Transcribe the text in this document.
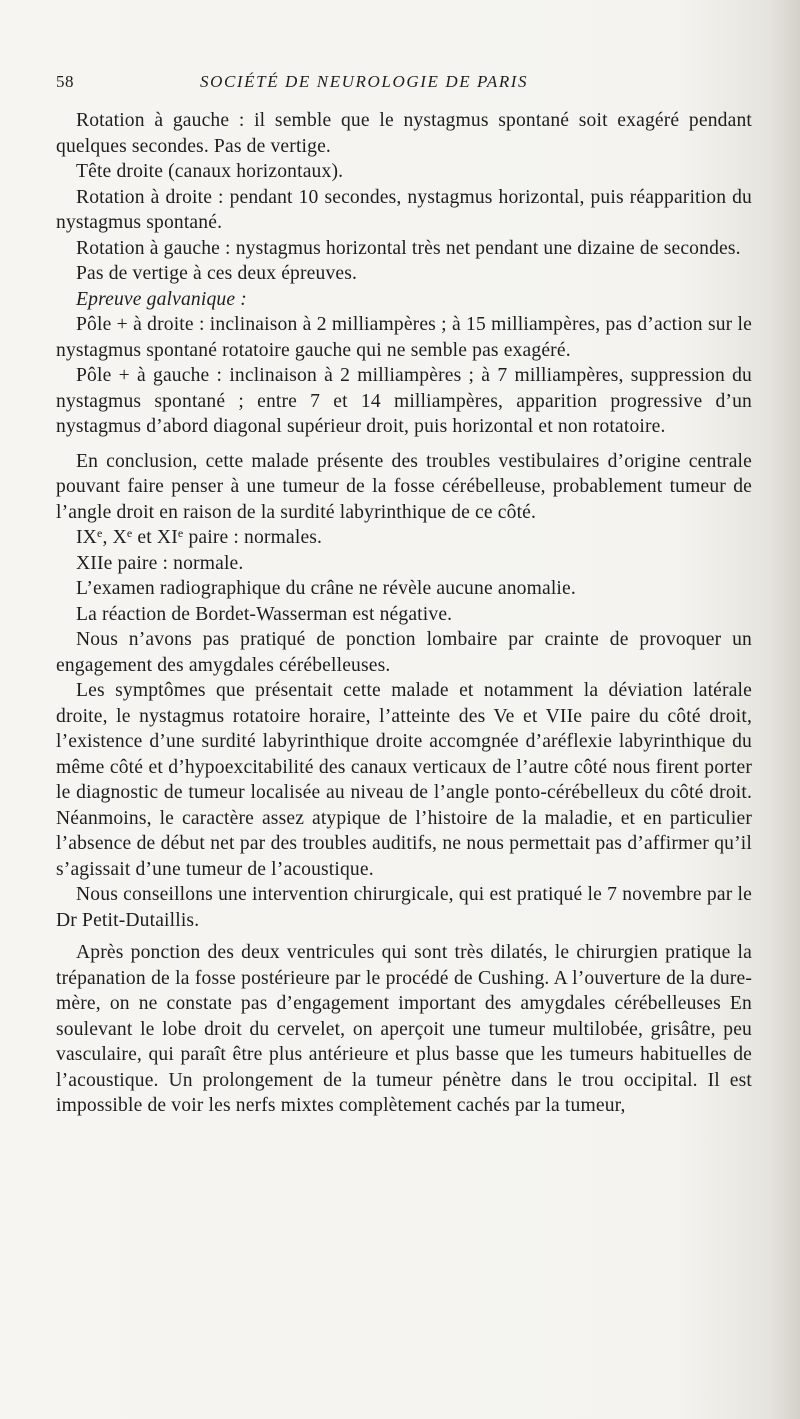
58	SOCIÉTÉ DE NEUROLOGIE DE PARIS

Rotation à gauche : il semble que le nystagmus spontané soit exagéré pendant quelques secondes. Pas de vertige.

Tête droite (canaux horizontaux).

Rotation à droite : pendant 10 secondes, nystagmus horizontal, puis réapparition du nystagmus spontané.

Rotation à gauche : nystagmus horizontal très net pendant une dizaine de secondes.

Pas de vertige à ces deux épreuves.

Epreuve galvanique :

Pôle + à droite : inclinaison à 2 milliampères ; à 15 milliampères, pas d’action sur le nystagmus spontané rotatoire gauche qui ne semble pas exagéré.

Pôle + à gauche : inclinaison à 2 milliampères ; à 7 milliampères, suppression du nystagmus spontané ; entre 7 et 14 milliampères, apparition progressive d’un nystagmus d’abord diagonal supérieur droit, puis horizontal et non rotatoire.

En conclusion, cette malade présente des troubles vestibulaires d’origine centrale pouvant faire penser à une tumeur de la fosse cérébelleuse, probablement tumeur de l’angle droit en raison de la surdité labyrinthique de ce côté.

IXe, Xe et XIe paire : normales.

XIIe paire : normale.

L’examen radiographique du crâne ne révèle aucune anomalie.

La réaction de Bordet-Wasserman est négative.

Nous n’avons pas pratiqué de ponction lombaire par crainte de provoquer un engagement des amygdales cérébelleuses.

Les symptômes que présentait cette malade et notamment la déviation latérale droite, le nystagmus rotatoire horaire, l’atteinte des Ve et VIIe paire du côté droit, l’existence d’une surdité labyrinthique droite accomgnée d’aréflexie labyrinthique du même côté et d’hypoexcitabilité des canaux verticaux de l’autre côté nous firent porter le diagnostic de tumeur localisée au niveau de l’angle ponto-cérébelleux du côté droit. Néanmoins, le caractère assez atypique de l’histoire de la maladie, et en particulier l’absence de début net par des troubles auditifs, ne nous permettait pas d’affirmer qu’il s’agissait d’une tumeur de l’acoustique.

Nous conseillons une intervention chirurgicale, qui est pratiqué le 7 novembre par le Dr Petit-Dutaillis.

Après ponction des deux ventricules qui sont très dilatés, le chirurgien pratique la trépanation de la fosse postérieure par le procédé de Cushing. A l’ouverture de la dure-mère, on ne constate pas d’engagement important des amygdales cérébelleuses En soulevant le lobe droit du cervelet, on aperçoit une tumeur multilobée, grisâtre, peu vasculaire, qui paraît être plus antérieure et plus basse que les tumeurs habituelles de l’acoustique. Un prolongement de la tumeur pénètre dans le trou occipital. Il est impossible de voir les nerfs mixtes complètement cachés par la tumeur,
